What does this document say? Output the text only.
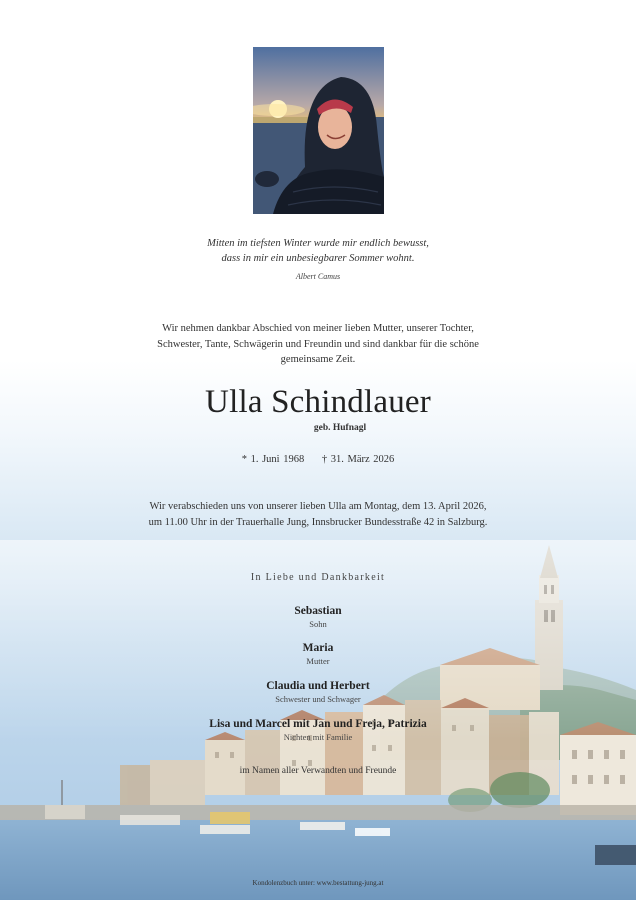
Mitten im tiefsten Winter wurde mir endlich bewusst,
dass in mir ein unbesiegbarer Sommer wohnt.
Albert Camus
Wir nehmen dankbar Abschied von meiner lieben Mutter, unserer Tochter,
Schwester, Tante, Schwägerin und Freundin und sind dankbar für die schöne
gemeinsame Zeit.
Ulla Schindlauer
geb. Hufnagl
* 1. Juni 1968 † 31. März 2026
Wir verabschieden uns von unserer lieben Ulla am Montag, dem 13. April 2026,
um 11.00 Uhr in der Trauerhalle Jung, Innsbrucker Bundesstraße 42 in Salzburg.
In Liebe und Dankbarkeit
Sebastian
Sohn
Maria
Mutter
Claudia und Herbert
Schwester und Schwager
Lisa und Marcel mit Jan und Freja, Patrizia
Nichten mit Familie
im Namen aller Verwandten und Freunde
Kondolenzbuch unter: www.bestattung-jung.at
